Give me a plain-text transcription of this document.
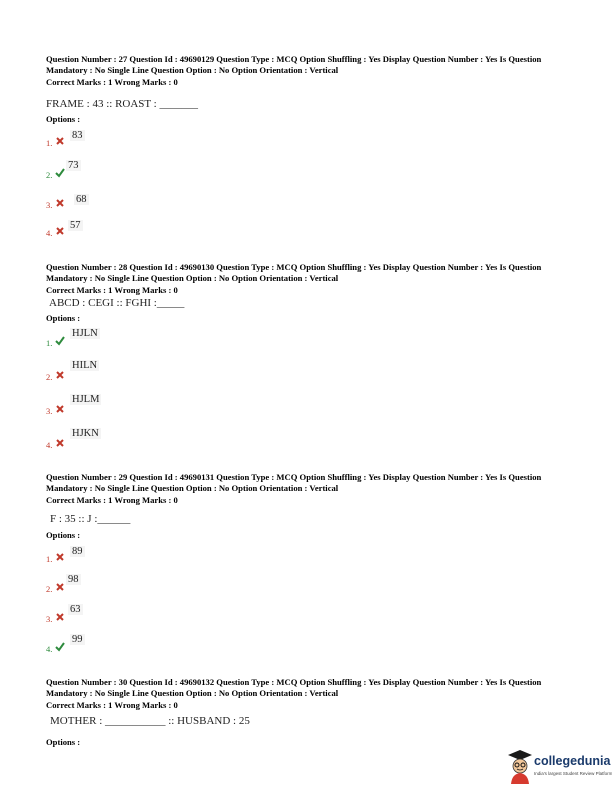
Question Number : 27 Question Id : 49690129 Question Type : MCQ Option Shuffling : Yes Display Question Number : Yes Is Question Mandatory : No Single Line Question Option : No Option Orientation : Vertical
Correct Marks : 1 Wrong Marks : 0
FRAME : 43 :: ROAST : _______
Options :
1.
83
2.
73
3. 68
4.
57
Question Number : 28 Question Id : 49690130 Question Type : MCQ Option Shuffling : Yes Display Question Number : Yes Is Question Mandatory : No Single Line Question Option : No Option Orientation : Vertical
Correct Marks : 1 Wrong Marks : 0
ABCD : CEGI :: FGHI :_____
Options :
1.
HJLN
2.
HILN
3.
HJLM
4.
HJKN
Question Number : 29 Question Id : 49690131 Question Type : MCQ Option Shuffling : Yes Display Question Number : Yes Is Question Mandatory : No Single Line Question Option : No Option Orientation : Vertical
Correct Marks : 1 Wrong Marks : 0
F : 35 :: J :______
Options :
1.
89
2.
98
3.
63
4.
99
Question Number : 30 Question Id : 49690132 Question Type : MCQ Option Shuffling : Yes Display Question Number : Yes Is Question Mandatory : No Single Line Question Option : No Option Orientation : Vertical
Correct Marks : 1 Wrong Marks : 0
MOTHER : ___________ :: HUSBAND : 25
Options :
collegedunia
India's largest Student Review Platform
